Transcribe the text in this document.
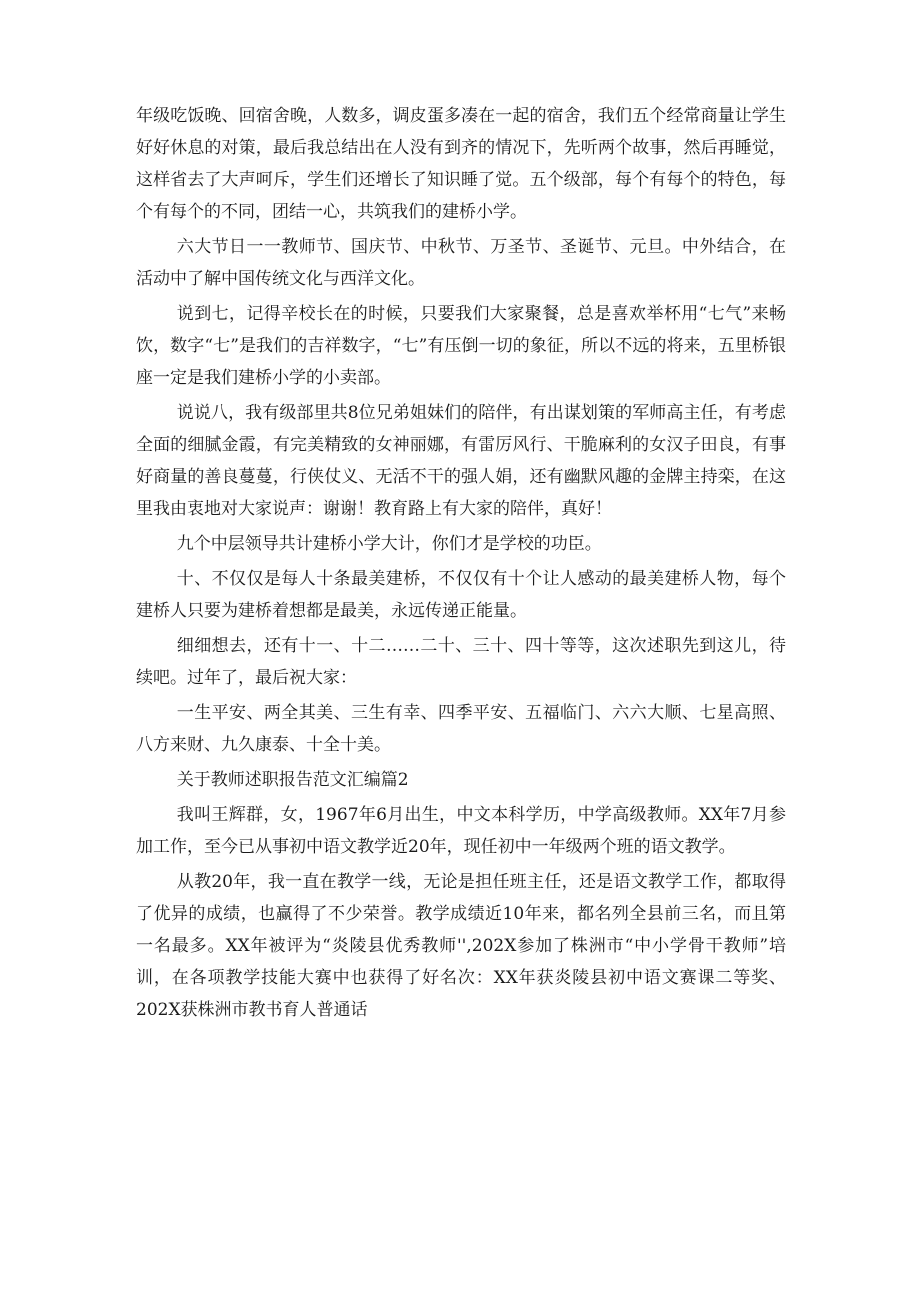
年级吃饭晚、回宿舍晚，人数多，调皮蛋多凑在一起的宿舍，我们五个经常商量让学生好好休息的对策，最后我总结出在人没有到齐的情况下，先听两个故事，然后再睡觉，这样省去了大声呵斥，学生们还增长了知识睡了觉。五个级部，每个有每个的特色，每个有每个的不同，团结一心，共筑我们的建桥小学。

六大节日一一教师节、国庆节、中秋节、万圣节、圣诞节、元旦。中外结合，在活动中了解中国传统文化与西洋文化。

说到七，记得辛校长在的时候，只要我们大家聚餐，总是喜欢举杯用“七气”来畅饮，数字“七”是我们的吉祥数字，“七”有压倒一切的象征，所以不远的将来，五里桥银座一定是我们建桥小学的小卖部。

说说八，我有级部里共8位兄弟姐妹们的陪伴，有出谋划策的军师高主任，有考虑全面的细腻金霞，有完美精致的女神丽娜，有雷厉风行、干脆麻利的女汉子田良，有事好商量的善良蔓蔓，行侠仗义、无活不干的强人娟，还有幽默风趣的金牌主持栾，在这里我由衷地对大家说声：谢谢！教育路上有大家的陪伴，真好！

九个中层领导共计建桥小学大计，你们才是学校的功臣。

十、不仅仅是每人十条最美建桥，不仅仅有十个让人感动的最美建桥人物，每个建桥人只要为建桥着想都是最美，永远传递正能量。

细细想去，还有十一、十二……二十、三十、四十等等，这次述职先到这儿，待续吧。过年了，最后祝大家：

一生平安、两全其美、三生有幸、四季平安、五福临门、六六大顺、七星高照、八方来财、九久康泰、十全十美。

关于教师述职报告范文汇编篇2

我叫王辉群，女，1967年6月出生，中文本科学历，中学高级教师。XX年7月参加工作，至今已从事初中语文教学近20年，现任初中一年级两个班的语文教学。

从教20年，我一直在教学一线，无论是担任班主任，还是语文教学工作，都取得了优异的成绩，也赢得了不少荣誉。教学成绩近10年来，都名列全县前三名，而且第一名最多。XX年被评为“炎陵县优秀教师'',202X参加了株洲市“中小学骨干教师”培训，在各项教学技能大赛中也获得了好名次：XX年获炎陵县初中语文赛课二等奖、202X获株洲市教书育人普通话
